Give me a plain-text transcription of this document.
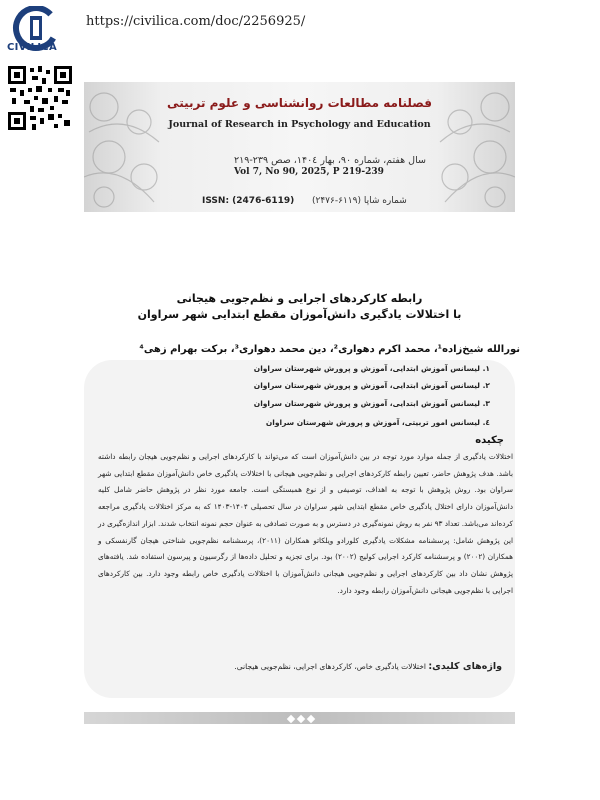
CIVILICA
https://civilica.com/doc/2256925/
فصلنامه مطالعات روانشناسی و علوم تربیتی
Journal of Research in Psychology and Education
سال هفتم، شماره ۹۰، بهار ۱۴۰٤، صص ۲۳۹-۲۱۹
Vol 7, No 90, 2025, P 219-239
ISSN: (2476-6119) شماره شاپا (۶۱۱۹-۲۴۷۶)
رابطه کارکردهای اجرایی و نظم‌جویی هیجانی
با اختلالات یادگیری دانش‌آموزان مقطع ابتدایی شهر سراوان
نورالله شیخ‌زاده¹، محمد اکرم دهواری²، دین محمد دهواری³، برکت بهرام زهی⁴
۱. لیسانس آموزش ابتدایی، آموزش و پرورش شهرستان سراوان
۲. لیسانس آموزش ابتدایی، آموزش و پرورش شهرستان سراوان
۳. لیسانس آموزش ابتدایی، آموزش و پرورش شهرستان سراوان
٤. لیسانس امور تربیتی، آموزش و پرورش شهرستان سراوان
چکیده
اختلالات یادگیری از جمله موارد مورد توجه در بین دانش‌آموزان است که می‌تواند با کارکردهای اجرایی و نظم‌جویی هیجان رابطه داشته باشد. هدف پژوهش حاضر، تعیین رابطه کارکردهای اجرایی و نظم‌جویی هیجانی با اختلالات یادگیری خاص دانش‌آموزان مقطع ابتدایی شهر سراوان بود. روش پژوهش با توجه به اهداف، توصیفی و از نوع همبستگی است. جامعه مورد نظر در پژوهش حاضر شامل کلیه دانش‌آموزان دارای اختلال یادگیری خاص مقطع ابتدایی شهر سراوان در سال تحصیلی ۱۴۰۴-۱۴۰۳ که به مرکز اختلالات یادگیری مراجعه کرده‌اند می‌باشد. تعداد ۹۳ نفر به روش نمونه‌گیری در دسترس و به صورت تصادفی به عنوان حجم نمونه انتخاب شدند. ابزار اندازه‌گیری در این پژوهش شامل: پرسشنامه مشکلات یادگیری کلورادو ویلکاتو همکاران (۲۰۱۱)، پرسشنامه نظم‌جویی شناختی هیجان گارنفسکی و همکاران (۲۰۰۲) و پرسشنامه کارکرد اجرایی کولیج (۲۰۰۲) بود. برای تجزیه و تحلیل داده‌ها از رگرسیون و پیرسون استفاده شد. یافته‌های پژوهش نشان داد بین کارکردهای اجرایی و نظم‌جویی هیجانی دانش‌آموزان با اختلالات یادگیری خاص رابطه وجود دارد. بین کارکردهای اجرایی با نظم‌جویی هیجانی دانش‌آموزان رابطه وجود دارد.
واژه‌های کلیدی: اختلالات یادگیری خاص، کارکردهای اجرایی، نظم‌جویی هیجانی.
